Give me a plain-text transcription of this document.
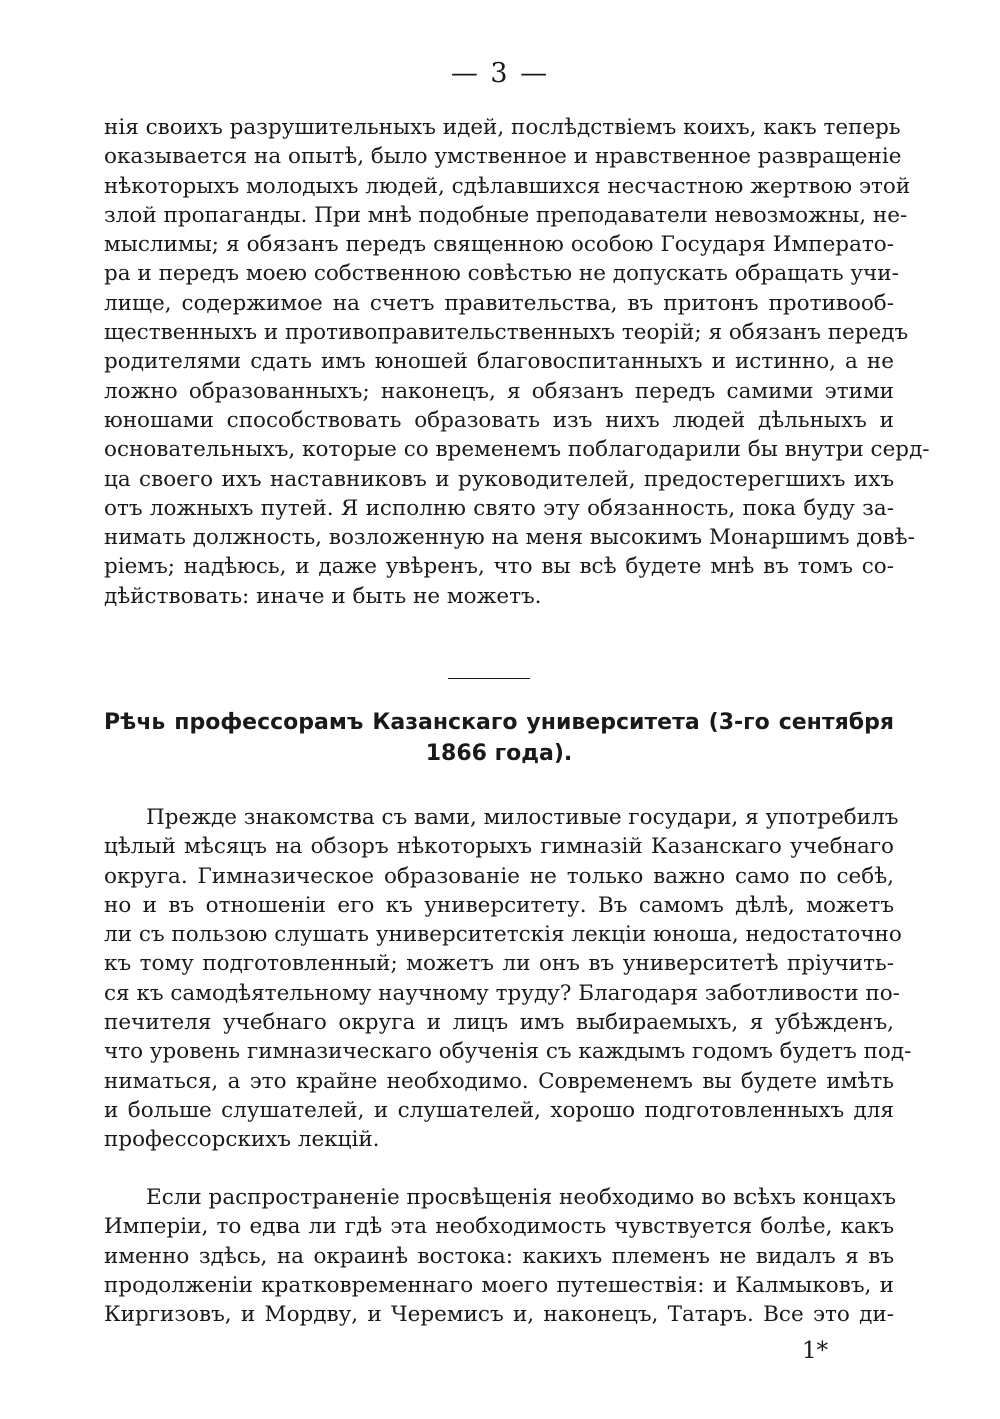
— 3 —
нія своихъ разрушительныхъ идей, послѣдствіемъ коихъ, какъ теперь
оказывается на опытѣ, было умственное и нравственное развращеніе
нѣкоторыхъ молодыхъ людей, сдѣлавшихся несчастною жертвою этой
злой пропаганды. При мнѣ подобные преподаватели невозможны, не-
мыслимы; я обязанъ передъ священною особою Государя Императо-
ра и передъ моею собственною совѣстью не допускать обращать учи-
лище, содержимое на счетъ правительства, въ притонъ противооб-
щественныхъ и противоправительственныхъ теорій; я обязанъ передъ
родителями сдать имъ юношей благовоспитанныхъ и истинно, а не
ложно образованныхъ; наконецъ, я обязанъ передъ самими этими
юношами способствовать образовать изъ нихъ людей дѣльныхъ и
основательныхъ, которые со временемъ поблагодарили бы внутри серд-
ца своего ихъ наставниковъ и руководителей, предостерегшихъ ихъ
отъ ложныхъ путей. Я исполню свято эту обязанность, пока буду за-
нимать должность, возложенную на меня высокимъ Монаршимъ довѣ-
ріемъ; надѣюсь, и даже увѣренъ, что вы всѣ будете мнѣ въ томъ со-
дѣйствовать: иначе и быть не можетъ.
Рѣчь профессорамъ Казанскаго университета (3-го сентября
1866 года).
Прежде знакомства съ вами, милостивые государи, я употребилъ
цѣлый мѣсяцъ на обзоръ нѣкоторыхъ гимназій Казанскаго учебнаго
округа. Гимназическое образованіе не только важно само по себѣ,
но и въ отношеніи его къ университету. Въ самомъ дѣлѣ, можетъ
ли съ пользою слушать университетскія лекціи юноша, недостаточно
къ тому подготовленный; можетъ ли онъ въ университетѣ пріучить-
ся къ самодѣятельному научному труду? Благодаря заботливости по-
печителя учебнаго округа и лицъ имъ выбираемыхъ, я убѣжденъ,
что уровень гимназическаго обученія съ каждымъ годомъ будетъ под-
ниматься, а это крайне необходимо. Современемъ вы будете имѣть
и больше слушателей, и слушателей, хорошо подготовленныхъ для
профессорскихъ лекцій.
Если распространеніе просвѣщенія необходимо во всѣхъ концахъ
Имперіи, то едва ли гдѣ эта необходимость чувствуется болѣе, какъ
именно здѣсь, на окраинѣ востока: какихъ племенъ не видалъ я въ
продолженіи кратковременнаго моего путешествія: и Калмыковъ, и
Киргизовъ, и Мордву, и Черемисъ и, наконецъ, Татаръ. Все это ди-
1*
